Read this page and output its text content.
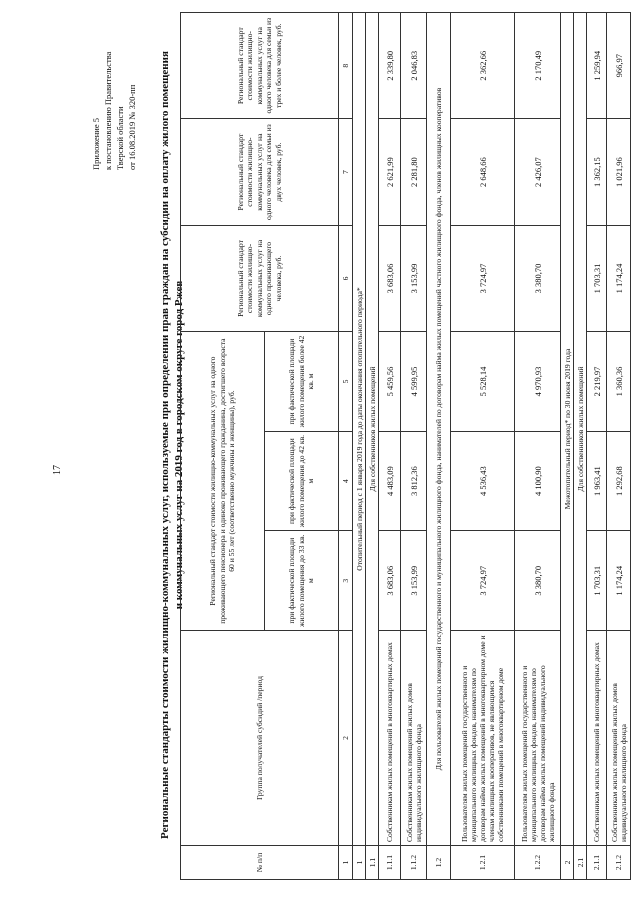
17
Приложение 5 к постановлению Правительства Тверской области от 16.08.2019 № 320-пп Региональные стандарты стоимости жилищно-коммунальных услуг, используемые при определении прав граждан на субсидии на оплату жилого помещения и коммунальных услуг на 2019 год в городском округе город Ржев
№ п/п	Группа получателей субсидий /период	Региональный стандарт стоимости жилищно-коммунальных услуг на одного проживающего пенсионера и одиноко проживающего гражданина, достигшего возраста 60 и 55 лет (соответственно мужчины и женщины), руб.			Региональный стандарт стоимости жилищно-коммунальных услуг на одного проживающего человека, руб.	Региональный стандарт стоимости жилищно-коммунальных услуг на одного человека для семьи из двух человек, руб.	Региональный стандарт стоимости жилищно-коммунальных услуг на одного человека для семьи из трех и более человек, руб.
		при фактической площади жилого помещения до 33 кв. м	при фактической площади жилого помещения до 42 кв. м	при фактической площади жилого помещения более 42 кв. м			
1	2	3	4	5	6	7	8
1	Отопительный период с 1 января 2019 года до даты окончания отопительного периода*						
1.1	Для собственников жилых помещений						
1.1.1	Собственникам жилых помещений в многоквартирных домах	3 683,06	4 483,09	5 459,56	3 683,06	2 621,99	2 339,80
1.1.2	Собственникам жилых помещений жилых домов индивидуального жилищного фонда	3 153,99	3 812,36	4 599,95	3 153,99	2 281,80	2 046,83
1.2	Для пользователей жилых помещений государственного и муниципального жилищного фонда, нанимателей по договорам найма жилых помещений частного жилищного фонда, членов жилищных кооперативов						
1.2.1	Пользователям жилых помещений государственного и муниципального жилищных фондов, нанимателям по договорам найма жилых помещений в многоквартирном доме и членам жилищных кооперативов, не являющимся собственниками помещений в многоквартирном доме	3 724,97	4 536,43	5 528,14	3 724,97	2 648,66	2 362,66
1.2.2	Пользователям жилых помещений государственного и муниципального жилищных фондов, нанимателям по договорам найма жилых помещений индивидуального жилищного фонда	3 380,70	4 100,90	4 970,93	3 380,70	2 426,07	2 170,49
2	Межотопительный период* по 30 июня 2019 года						
2.1	Для собственников жилых помещений						
2.1.1	Собственникам жилых помещений в многоквартирных домах	1 703,31	1 963,41	2 219,97	1 703,31	1 362,15	1 259,94
2.1.2	Собственникам жилых помещений жилых домов индивидуального жилищного фонда	1 174,24	1 292,68	1 360,36	1 174,24	1 021,96	966,97
